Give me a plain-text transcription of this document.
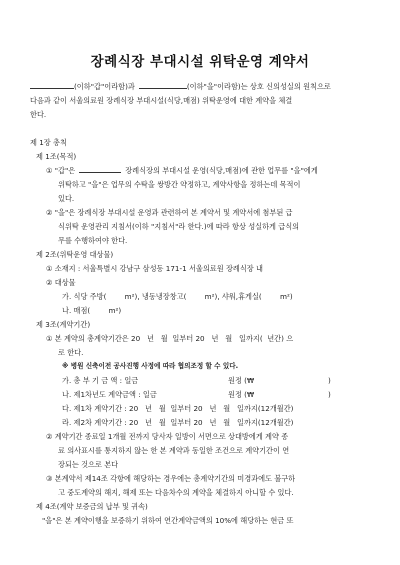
장례식장 부대시설 위탁운영 계약서
(이하"갑"이라함)과	(이하"을"이라함)는 상호 신의성실의 원칙으로
다음과 같이 서울의료원 장례식장 부대시설(식당,매점) 위탁운영에 대한 계약을 체결
한다.
제 1장 총칙
제 1조(목적)
① "갑"은	장례식장의 부대시설 운영(식당,매점)에 관한 업무를 "을"에게
위탁하고 "을"은 업무의 수탁을 쌍방간 약정하고, 계약사항을 정하는데 목적이
있다.
② "을"은 장례식장 부대시설 운영과 관련하여 본 계약서 및 계약서에 첨부된 급
식위탁 운영관리 지침서(이하 "지침서"라 한다.)에 따라 항상 성실하게 급식의
무를 수행하여야 한다.
제 2조(위탁운영 대상물)
① 소재지 : 서울특별시 강남구 삼성동 171-1 서울의료원 장례식장 내
② 대상물
가. 식당 주방(        m²), 냉동냉장창고(        m²), 샤워,휴게실(        m²)
나. 매점(        m²)
제 3조(계약기간)
① 본 계약의 총계약기간은 20   년   월  일부터 20   년   월   일까지(  년간) 으
로 한다.
※ 병원 신축이전 공사진행 사정에 따라 협의조정 할 수 있다.
가. 총 부 기 금 액 : 일금	원정 (₩	)
나. 제1차년도 계약금액 : 일금	원정 (₩	)
다. 제1차 계약기간 : 20   년   월  일부터 20   년   월   일까지(12개월간)
라. 제2차 계약기간 : 20   년   월  일부터 20   년   월   일까지(12개월간)
② 계약기간 종료일 1개월 전까지 당사자 일방이 서면으로 상대방에게 계약 종
료 의사표시를 통지하지 않는 한 본 계약과 동일한 조건으로 계약기간이 연
장되는 것으로 본다
③ 본계약서 제14조 각항에 해당하는 경우에는 총계약기간의 미경과에도 불구하
고 중도계약의 해지, 해제 또는 다음차수의 계약을 체결하지 아니할 수 있다.
제 4조(계약 보증금의 납부 및 귀속)
"을"은 본 계약이행을 보증하기 위하여 연간계약금액의 10%에 해당하는 현금 또
